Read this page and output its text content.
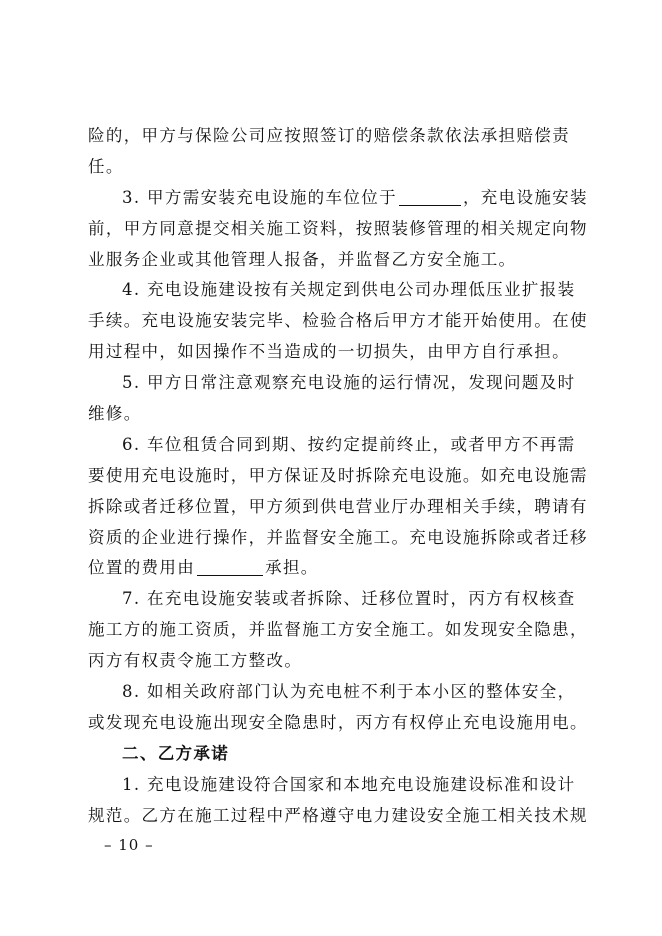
险的，甲方与保险公司应按照签订的赔偿条款依法承担赔偿责
任。
3. 甲方需安装充电设施的车位位于	，充电设施安装
前，甲方同意提交相关施工资料，按照装修管理的相关规定向物
业服务企业或其他管理人报备，并监督乙方安全施工。
4. 充电设施建设按有关规定到供电公司办理低压业扩报装
手续。充电设施安装完毕、检验合格后甲方才能开始使用。在使
用过程中，如因操作不当造成的一切损失，由甲方自行承担。
5. 甲方日常注意观察充电设施的运行情况，发现问题及时
维修。
6. 车位租赁合同到期、按约定提前终止，或者甲方不再需
要使用充电设施时，甲方保证及时拆除充电设施。如充电设施需
拆除或者迁移位置，甲方须到供电营业厅办理相关手续，聘请有
资质的企业进行操作，并监督安全施工。充电设施拆除或者迁移
位置的费用由	承担。
7. 在充电设施安装或者拆除、迁移位置时，丙方有权核查
施工方的施工资质，并监督施工方安全施工。如发现安全隐患，
丙方有权责令施工方整改。
8. 如相关政府部门认为充电桩不利于本小区的整体安全，
或发现充电设施出现安全隐患时，丙方有权停止充电设施用电。
二、乙方承诺
1. 充电设施建设符合国家和本地充电设施建设标准和设计
规范。乙方在施工过程中严格遵守电力建设安全施工相关技术规
– 10 –
